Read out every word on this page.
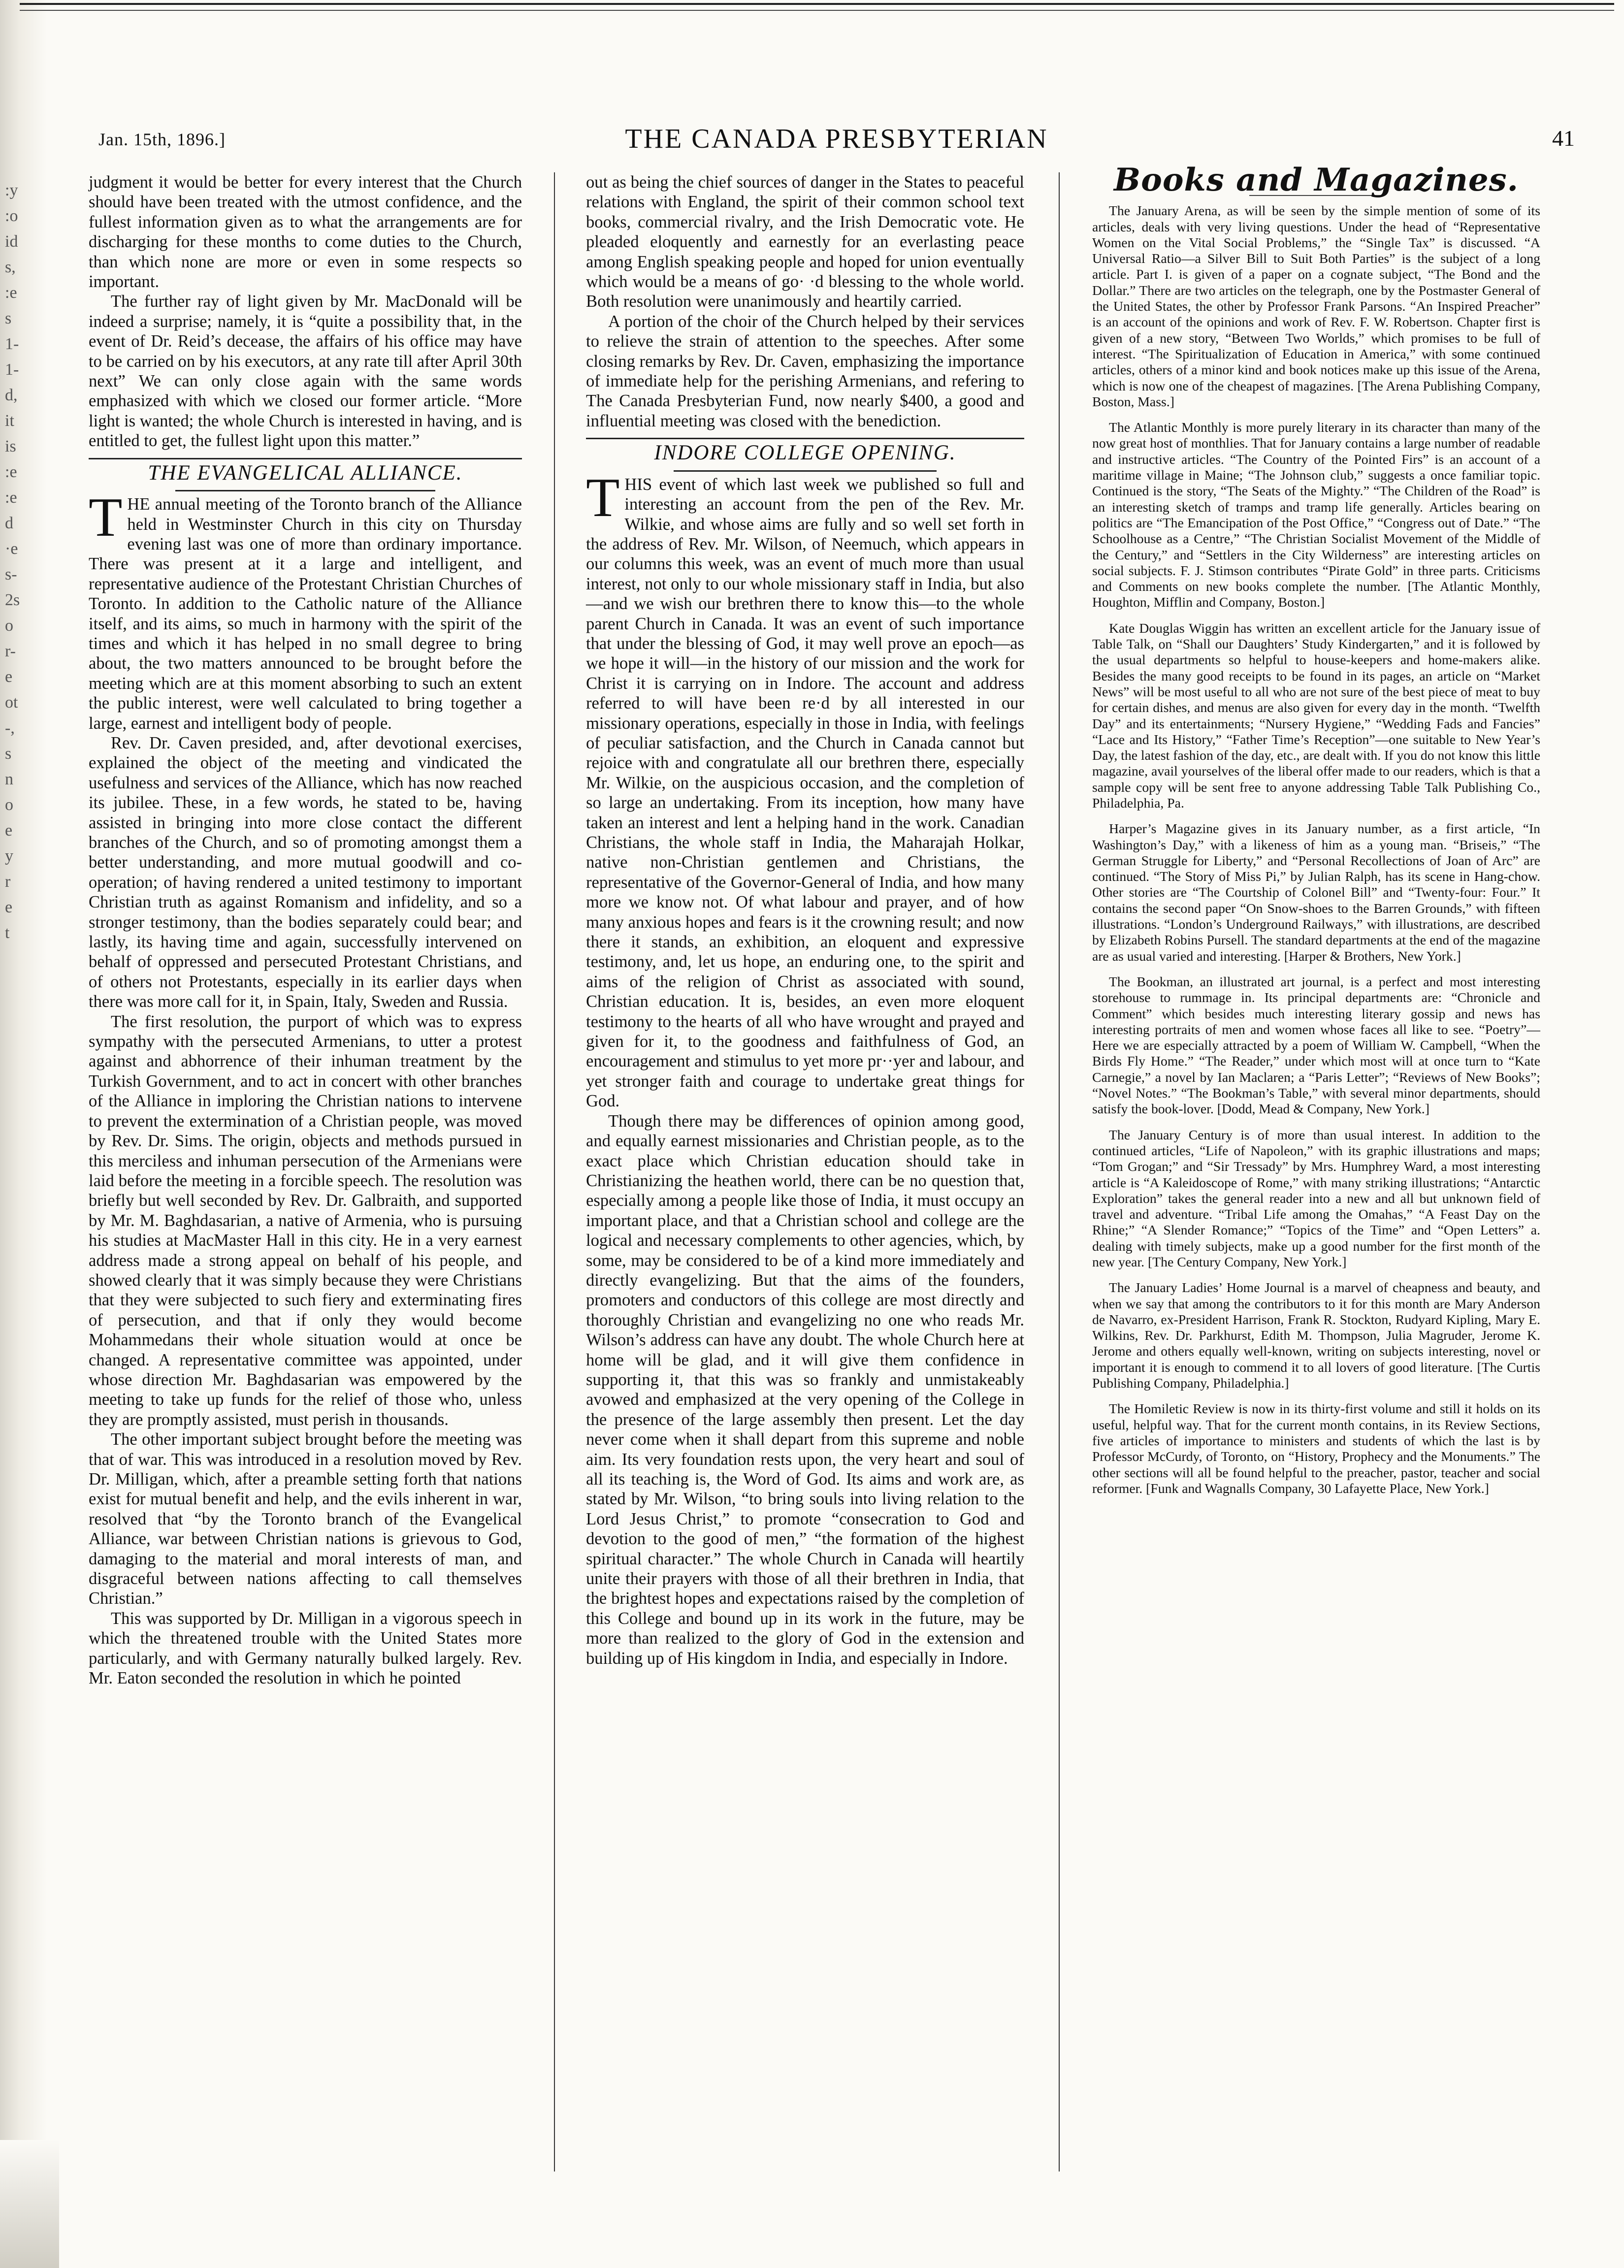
:y
:o
id
s,
:e
s
1-
1-
d,
it
is
:e
:e
d
·e
s-
2s
o
r-
e
ot
-,
s
n
o
e
y
r
e
t
Jan. 15th, 1896.]	THE CANADA PRESBYTERIAN	41

judgment it would be better for every interest that the Church should have been treated with the utmost confidence, and the fullest information given as to what the arrangements are for discharging for these months to come duties to the Church, than which none are more or even in some respects so important.

The further ray of light given by Mr. MacDonald will be indeed a surprise; namely, it is “quite a possibility that, in the event of Dr. Reid’s decease, the affairs of his office may have to be carried on by his executors, at any rate till after April 30th next” We can only close again with the same words emphasized with which we closed our former article. “More light is wanted; the whole Church is interested in having, and is entitled to get, the fullest light upon this matter.”

THE EVANGELICAL ALLIANCE.

THE annual meeting of the Toronto branch of the Alliance held in Westminster Church in this city on Thursday evening last was one of more than ordinary importance. There was present at it a large and intelligent, and representative audience of the Protestant Christian Churches of Toronto. In addition to the Catholic nature of the Alliance itself, and its aims, so much in harmony with the spirit of the times and which it has helped in no small degree to bring about, the two matters announced to be brought before the meeting which are at this moment absorbing to such an extent the public interest, were well calculated to bring together a large, earnest and intelligent body of people.

Rev. Dr. Caven presided, and, after devotional exercises, explained the object of the meeting and vindicated the usefulness and services of the Alliance, which has now reached its jubilee. These, in a few words, he stated to be, having assisted in bringing into more close contact the different branches of the Church, and so of promoting amongst them a better understanding, and more mutual goodwill and co-operation; of having rendered a united testimony to important Christian truth as against Romanism and infidelity, and so a stronger testimony, than the bodies separately could bear; and lastly, its having time and again, successfully intervened on behalf of oppressed and persecuted Protestant Christians, and of others not Protestants, especially in its earlier days when there was more call for it, in Spain, Italy, Sweden and Russia.

The first resolution, the purport of which was to express sympathy with the persecuted Armenians, to utter a protest against and abhorrence of their inhuman treatment by the Turkish Government, and to act in concert with other branches of the Alliance in imploring the Christian nations to intervene to prevent the extermination of a Christian people, was moved by Rev. Dr. Sims. The origin, objects and methods pursued in this merciless and inhuman persecution of the Armenians were laid before the meeting in a forcible speech. The resolution was briefly but well seconded by Rev. Dr. Galbraith, and supported by Mr. M. Baghdasarian, a native of Armenia, who is pursuing his studies at MacMaster Hall in this city. He in a very earnest address made a strong appeal on behalf of his people, and showed clearly that it was simply because they were Christians that they were subjected to such fiery and exterminating fires of persecution, and that if only they would become Mohammedans their whole situation would at once be changed. A representative committee was appointed, under whose direction Mr. Baghdasarian was empowered by the meeting to take up funds for the relief of those who, unless they are promptly assisted, must perish in thousands.

The other important subject brought before the meeting was that of war. This was introduced in a resolution moved by Rev. Dr. Milligan, which, after a preamble setting forth that nations exist for mutual benefit and help, and the evils inherent in war, resolved that “by the Toronto branch of the Evangelical Alliance, war between Christian nations is grievous to God, damaging to the material and moral interests of man, and disgraceful between nations affecting to call themselves Christian.”

This was supported by Dr. Milligan in a vigorous speech in which the threatened trouble with the United States more particularly, and with Germany naturally bulked largely. Rev. Mr. Eaton seconded the resolution in which he pointed

out as being the chief sources of danger in the States to peaceful relations with England, the spirit of their common school text books, commercial rivalry, and the Irish Democratic vote. He pleaded eloquently and earnestly for an everlasting peace among English speaking people and hoped for union eventually which would be a means of go· ·d blessing to the whole world. Both resolution were unanimously and heartily carried.

A portion of the choir of the Church helped by their services to relieve the strain of attention to the speeches. After some closing remarks by Rev. Dr. Caven, emphasizing the importance of immediate help for the perishing Armenians, and refering to The Canada Presbyterian Fund, now nearly $400, a good and influential meeting was closed with the benediction.

INDORE COLLEGE OPENING.

THIS event of which last week we published so full and interesting an account from the pen of the Rev. Mr. Wilkie, and whose aims are fully and so well set forth in the address of Rev. Mr. Wilson, of Neemuch, which appears in our columns this week, was an event of much more than usual interest, not only to our whole missionary staff in India, but also—and we wish our brethren there to know this—to the whole parent Church in Canada. It was an event of such importance that under the blessing of God, it may well prove an epoch—as we hope it will—in the history of our mission and the work for Christ it is carrying on in Indore. The account and address referred to will have been re·d by all interested in our missionary operations, especially in those in India, with feelings of peculiar satisfaction, and the Church in Canada cannot but rejoice with and congratulate all our brethren there, especially Mr. Wilkie, on the auspicious occasion, and the completion of so large an undertaking. From its inception, how many have taken an interest and lent a helping hand in the work. Canadian Christians, the whole staff in India, the Maharajah Holkar, native non-Christian gentlemen and Christians, the representative of the Governor-General of India, and how many more we know not. Of what labour and prayer, and of how many anxious hopes and fears is it the crowning result; and now there it stands, an exhibition, an eloquent and expressive testimony, and, let us hope, an enduring one, to the spirit and aims of the religion of Christ as associated with sound, Christian education. It is, besides, an even more eloquent testimony to the hearts of all who have wrought and prayed and given for it, to the goodness and faithfulness of God, an encouragement and stimulus to yet more pr··yer and labour, and yet stronger faith and courage to undertake great things for God.

Though there may be differences of opinion among good, and equally earnest missionaries and Christian people, as to the exact place which Christian education should take in Christianizing the heathen world, there can be no question that, especially among a people like those of India, it must occupy an important place, and that a Christian school and college are the logical and necessary complements to other agencies, which, by some, may be considered to be of a kind more immediately and directly evangelizing. But that the aims of the founders, promoters and conductors of this college are most directly and thoroughly Christian and evangelizing no one who reads Mr. Wilson’s address can have any doubt. The whole Church here at home will be glad, and it will give them confidence in supporting it, that this was so frankly and unmistakeably avowed and emphasized at the very opening of the College in the presence of the large assembly then present. Let the day never come when it shall depart from this supreme and noble aim. Its very foundation rests upon, the very heart and soul of all its teaching is, the Word of God. Its aims and work are, as stated by Mr. Wilson, “to bring souls into living relation to the Lord Jesus Christ,” to promote “consecration to God and devotion to the good of men,” “the formation of the highest spiritual character.” The whole Church in Canada will heartily unite their prayers with those of all their brethren in India, that the brightest hopes and expectations raised by the completion of this College and bound up in its work in the future, may be more than realized to the glory of God in the extension and building up of His kingdom in India, and especially in Indore.

Books and Magazines.

The January Arena, as will be seen by the simple mention of some of its articles, deals with very living questions. Under the head of “Representative Women on the Vital Social Problems,” the “Single Tax” is discussed. “A Universal Ratio—a Silver Bill to Suit Both Parties” is the subject of a long article. Part I. is given of a paper on a cognate subject, “The Bond and the Dollar.” There are two articles on the telegraph, one by the Postmaster General of the United States, the other by Professor Frank Parsons. “An Inspired Preacher” is an account of the opinions and work of Rev. F. W. Robertson. Chapter first is given of a new story, “Between Two Worlds,” which promises to be full of interest. “The Spiritualization of Education in America,” with some continued articles, others of a minor kind and book notices make up this issue of the Arena, which is now one of the cheapest of magazines. [The Arena Publishing Company, Boston, Mass.]

The Atlantic Monthly is more purely literary in its character than many of the now great host of monthlies. That for January contains a large number of readable and instructive articles. “The Country of the Pointed Firs” is an account of a maritime village in Maine; “The Johnson club,” suggests a once familiar topic. Continued is the story, “The Seats of the Mighty.” “The Children of the Road” is an interesting sketch of tramps and tramp life generally. Articles bearing on politics are “The Emancipation of the Post Office,” “Congress out of Date.” “The Schoolhouse as a Centre,” “The Christian Socialist Movement of the Middle of the Century,” and “Settlers in the City Wilderness” are interesting articles on social subjects. F. J. Stimson contributes “Pirate Gold” in three parts. Criticisms and Comments on new books complete the number. [The Atlantic Monthly, Houghton, Mifflin and Company, Boston.]

Kate Douglas Wiggin has written an excellent article for the January issue of Table Talk, on “Shall our Daughters’ Study Kindergarten,” and it is followed by the usual departments so helpful to house-keepers and home-makers alike. Besides the many good receipts to be found in its pages, an article on “Market News” will be most useful to all who are not sure of the best piece of meat to buy for certain dishes, and menus are also given for every day in the month. “Twelfth Day” and its entertainments; “Nursery Hygiene,” “Wedding Fads and Fancies” “Lace and Its History,” “Father Time’s Reception”—one suitable to New Year’s Day, the latest fashion of the day, etc., are dealt with. If you do not know this little magazine, avail yourselves of the liberal offer made to our readers, which is that a sample copy will be sent free to anyone addressing Table Talk Publishing Co., Philadelphia, Pa.

Harper’s Magazine gives in its January number, as a first article, “In Washington’s Day,” with a likeness of him as a young man. “Briseis,” “The German Struggle for Liberty,” and “Personal Recollections of Joan of Arc” are continued. “The Story of Miss Pi,” by Julian Ralph, has its scene in Hang-chow. Other stories are “The Courtship of Colonel Bill” and “Twenty-four: Four.” It contains the second paper “On Snow-shoes to the Barren Grounds,” with fifteen illustrations. “London’s Underground Railways,” with illustrations, are described by Elizabeth Robins Pursell. The standard departments at the end of the magazine are as usual varied and interesting. [Harper & Brothers, New York.]

The Bookman, an illustrated art journal, is a perfect and most interesting storehouse to rummage in. Its principal departments are: “Chronicle and Comment” which besides much interesting literary gossip and news has interesting portraits of men and women whose faces all like to see. “Poetry”—Here we are especially attracted by a poem of William W. Campbell, “When the Birds Fly Home.” “The Reader,” under which most will at once turn to “Kate Carnegie,” a novel by Ian Maclaren; a “Paris Letter”; “Reviews of New Books”; “Novel Notes.” “The Bookman’s Table,” with several minor departments, should satisfy the book-lover. [Dodd, Mead & Company, New York.]

The January Century is of more than usual interest. In addition to the continued articles, “Life of Napoleon,” with its graphic illustrations and maps; “Tom Grogan;” and “Sir Tressady” by Mrs. Humphrey Ward, a most interesting article is “A Kaleidoscope of Rome,” with many striking illustrations; “Antarctic Exploration” takes the general reader into a new and all but unknown field of travel and adventure. “Tribal Life among the Omahas,” “A Feast Day on the Rhine;” “A Slender Romance;” “Topics of the Time” and “Open Letters” a. dealing with timely subjects, make up a good number for the first month of the new year. [The Century Company, New York.]

The January Ladies’ Home Journal is a marvel of cheapness and beauty, and when we say that among the contributors to it for this month are Mary Anderson de Navarro, ex-President Harrison, Frank R. Stockton, Rudyard Kipling, Mary E. Wilkins, Rev. Dr. Parkhurst, Edith M. Thompson, Julia Magruder, Jerome K. Jerome and others equally well-known, writing on subjects interesting, novel or important it is enough to commend it to all lovers of good literature. [The Curtis Publishing Company, Philadelphia.]

The Homiletic Review is now in its thirty-first volume and still it holds on its useful, helpful way. That for the current month contains, in its Review Sections, five articles of importance to ministers and students of which the last is by Professor McCurdy, of Toronto, on “History, Prophecy and the Monuments.” The other sections will all be found helpful to the preacher, pastor, teacher and social reformer. [Funk and Wagnalls Company, 30 Lafayette Place, New York.]
